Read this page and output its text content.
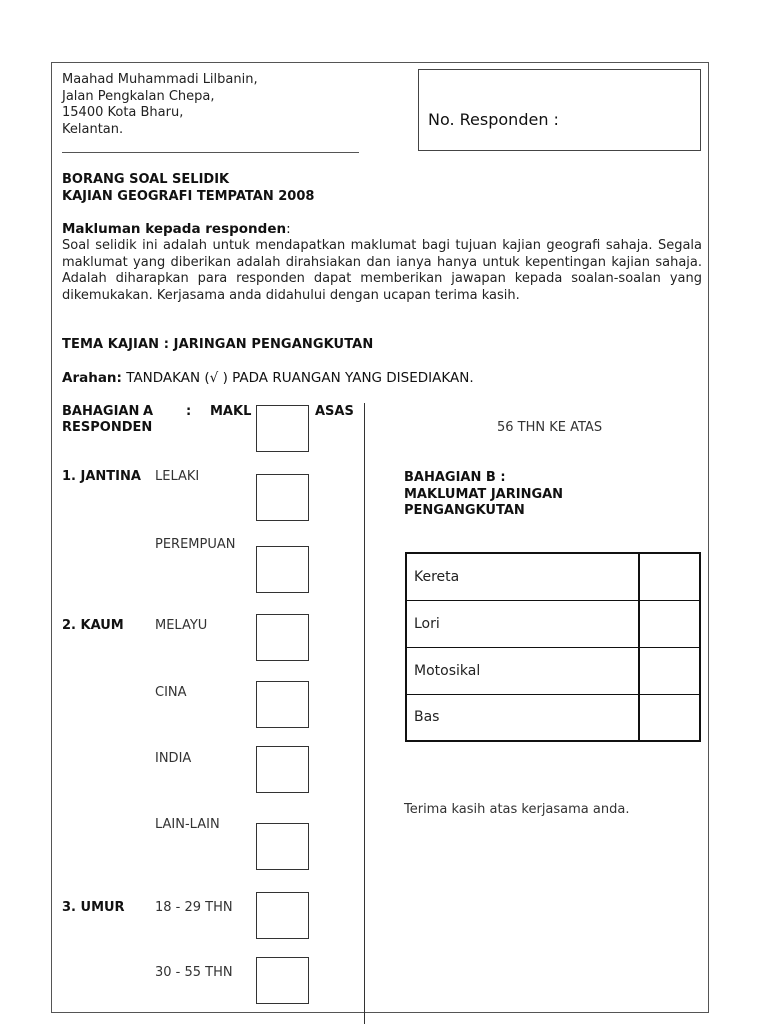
Maahad Muhammadi Lilbanin,
Jalan Pengkalan Chepa,
15400 Kota Bharu,
Kelantan.	No. Responden :
BORANG SOAL SELIDIK
KAJIAN GEOGRAFI TEMPATAN 2008
Makluman kepada responden:
Soal selidik ini adalah untuk mendapatkan maklumat bagi tujuan kajian geografi sahaja. Segala maklumat yang diberikan adalah dirahsiakan dan ianya hanya untuk kepentingan kajian sahaja. Adalah diharapkan para responden dapat memberikan jawapan kepada soalan-soalan yang dikemukakan. Kerjasama anda didahului dengan ucapan terima kasih.
TEMA KAJIAN : JARINGAN PENGANGKUTAN
Arahan: TANDAKAN (√ ) PADA RUANGAN YANG DISEDIAKAN.
BAHAGIAN A	: MAKL	ASAS
RESPONDEN
1. JANTINA LELAKI
PEREMPUAN
2. KAUM MELAYU
CINA
INDIA
LAIN-LAIN
3. UMUR 18 - 29 THN
30 - 55 THN
56 THN KE ATAS
BAHAGIAN B :
MAKLUMAT JARINGAN
PENGANGKUTAN
Kereta	
Lori	
Motosikal	
Bas	
Terima kasih atas kerjasama anda.
